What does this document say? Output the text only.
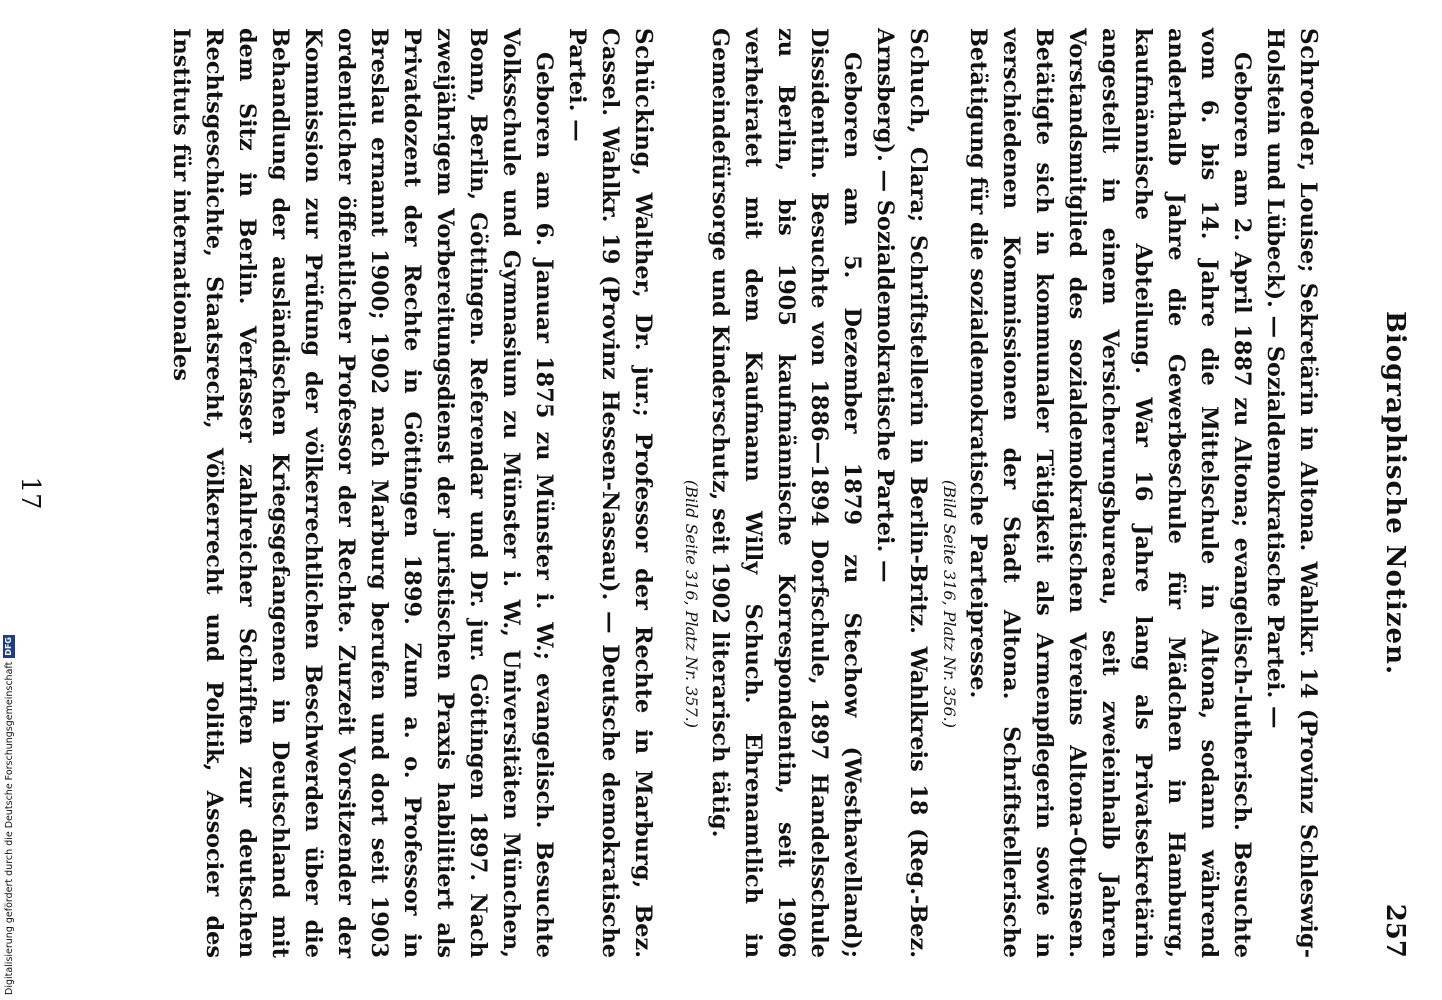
Biographische Notizen.
257

Schroeder, Louise; Sekretärin in Altona. Wahlkr. 14 (Provinz Schleswig-Holstein und Lübeck). — Sozialdemokratische Partei. —

Geboren am 2. April 1887 zu Altona; evangelisch-lutherisch. Besuchte vom 6. bis 14. Jahre die Mittelschule in Altona, sodann während anderthalb Jahre die Gewerbeschule für Mädchen in Hamburg, kaufmännische Abteilung. War 16 Jahre lang als Privatsekretärin angestellt in einem Versicherungsbureau, seit zweieinhalb Jahren Vorstandsmitglied des sozialdemokratischen Vereins Altona-Ottensen. Betätigte sich in kommunaler Tätigkeit als Armenpflegerin sowie in verschiedenen Kommissionen der Stadt Altona. Schriftstellerische Betätigung für die sozialdemokratische Parteipresse.

(Bild Seite 316, Platz Nr. 356.)

Schuch, Clara; Schriftstellerin in Berlin-Britz. Wahlkreis 18 (Reg.-Bez. Arnsberg). — Sozialdemokratische Partei. —

Geboren am 5. Dezember 1879 zu Stechow (Westhavelland); Dissidentin. Besuchte von 1886—1894 Dorfschule, 1897 Handelsschule zu Berlin, bis 1905 kaufmännische Korrespondentin, seit 1906 verheiratet mit dem Kaufmann Willy Schuch. Ehrenamtlich in Gemeindefürsorge und Kinderschutz, seit 1902 literarisch tätig.

(Bild Seite 316, Platz Nr. 357.)

Schücking, Walther, Dr. jur.; Professor der Rechte in Marburg, Bez. Cassel. Wahlkr. 19 (Provinz Hessen-Nassau). — Deutsche demokratische Partei. —

Geboren am 6. Januar 1875 zu Münster i. W.; evangelisch. Besuchte Volksschule und Gymnasium zu Münster i. W., Universitäten München, Bonn, Berlin, Göttingen. Referendar und Dr. jur. Göttingen 1897. Nach zweijährigem Vorbereitungsdienst der juristischen Praxis habilitiert als Privatdozent der Rechte in Göttingen 1899. Zum a. o. Professor in Breslau ernannt 1900; 1902 nach Marburg berufen und dort seit 1903 ordentlicher öffentlicher Professor der Rechte. Zurzeit Vorsitzender der Kommission zur Prüfung der völkerrechtlichen Beschwerden über die Behandlung der ausländischen Kriegsgefangenen in Deutschland mit dem Sitz in Berlin. Verfasser zahlreicher Schriften zur deutschen Rechtsgeschichte, Staatsrecht, Völkerrecht und Politik, Associer des Instituts für internationales

17
Digitalisierung gefördert durch die Deutsche Forschungsgemeinschaft
DFG
